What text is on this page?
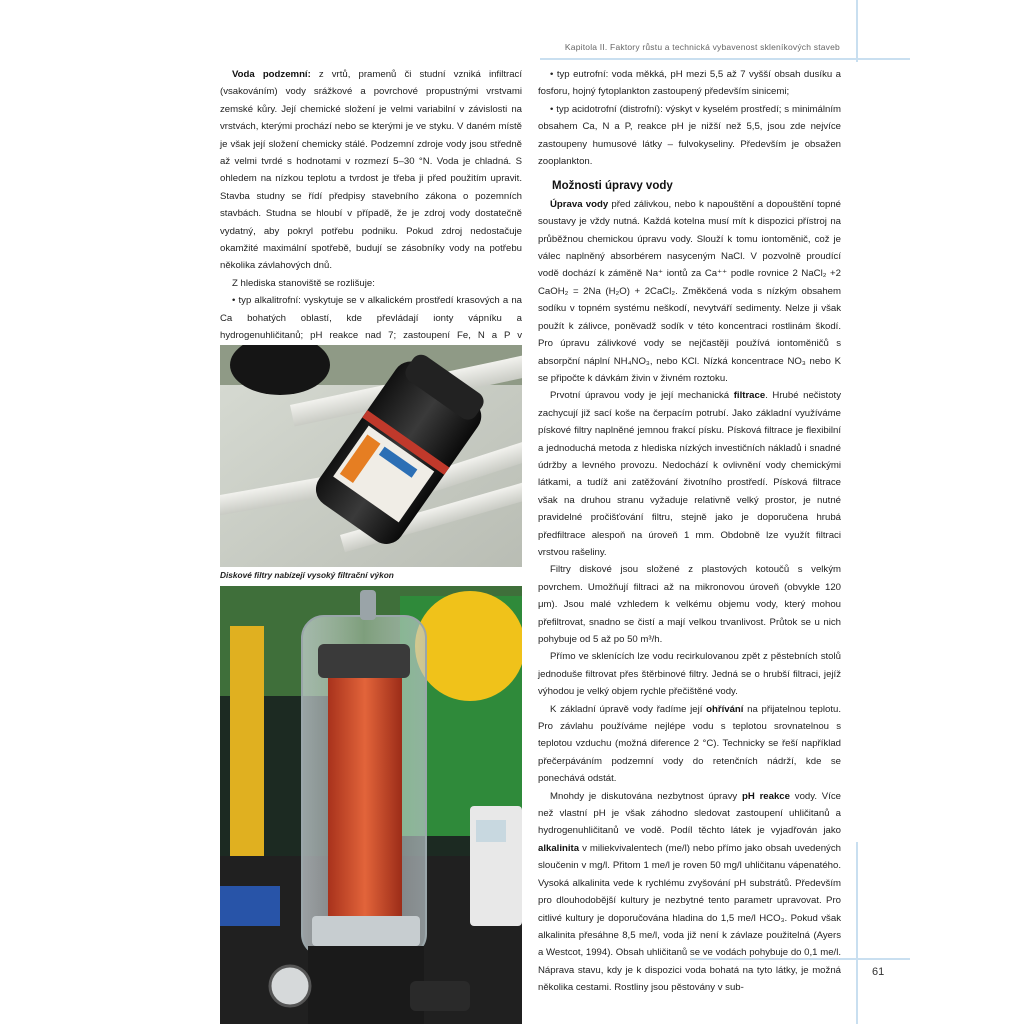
Kapitola II. Faktory růstu a technická vybavenost skleníkových staveb

Voda podzemní: z vrtů, pramenů či studní vzniká infiltrací (vsakováním) vody srážkové a povrchové propustnými vrstvami zemské kůry. Její chemické složení je velmi variabilní v závislosti na vrstvách, kterými prochází nebo se kterými je ve styku. V daném místě je však její složení chemicky stálé. Podzemní zdroje vody jsou středně až velmi tvrdé s hodnotami v rozmezí 5–30 °N. Voda je chladná. S ohledem na nízkou teplotu a tvrdost je třeba ji před použitím upravit. Stavba studny se řídí předpisy stavebního zákona o pozemních stavbách. Studna se hloubí v případě, že je zdroj vody dostatečně vydatný, aby pokryl potřebu podniku. Pokud zdroj nedostačuje okamžité maximální spotřebě, budují se zásobníky vody na potřebu několika závlahových dnů.

Z hlediska stanoviště se rozlišuje:

• typ alkalitrofní: vyskytuje se v alkalickém prostředí krasových a na Ca bohatých oblastí, kde převládají ionty vápníku a hydrogenuhličitanů; pH reakce nad 7; zastoupení Fe, N a P v

Diskové filtry nabízejí vysoký filtrační výkon

• typ eutrofní: voda měkká, pH mezi 5,5 až 7 vyšší obsah dusíku a fosforu, hojný fytoplankton zastoupený především sinicemi;

• typ acidotrofní (distrofní): výskyt v kyselém prostředí; s minimálním obsahem Ca, N a P, reakce pH je nižší než 5,5, jsou zde nejvíce zastoupeny humusové látky – fulvokyseliny. Především je obsažen zooplankton.

Možnosti úpravy vody

Úprava vody před zálivkou, nebo k napouštění a dopouštění topné soustavy je vždy nutná. Každá kotelna musí mít k dispozici přístroj na průběžnou chemickou úpravu vody. Slouží k tomu iontoměnič, což je válec naplněný absorbérem nasyceným NaCl. V pozvolně proudící vodě dochází k záměně Na⁺ iontů za Ca⁺⁺ podle rovnice 2 NaCl₂ +2 CaOH₂ = 2Na (H₂O) + 2CaCl₂. Změkčená voda s nízkým obsahem sodíku v topném systému neškodí, nevytváří sedimenty. Nelze ji však použít k zálivce, poněvadž sodík v této koncentraci rostlinám škodí. Pro úpravu zálivkové vody se nejčastěji používá iontoměničů s absorpční náplní NH₄NO₃, nebo KCl. Nízká koncentrace NO₃ nebo K se připočte k dávkám živin v živném roztoku.

Prvotní úpravou vody je její mechanická filtrace. Hrubé nečistoty zachycují již sací koše na čerpacím potrubí. Jako základní využíváme pískové filtry naplněné jemnou frakcí písku. Písková filtrace je flexibilní a jednoduchá metoda z hlediska nízkých investičních nákladů i snadné údržby a levného provozu. Nedochází k ovlivnění vody chemickými látkami, a tudíž ani zatěžování životního prostředí. Písková filtrace však na druhou stranu vyžaduje relativně velký prostor, je nutné pravidelné pročišťování filtru, stejně jako je doporučena hrubá předfiltrace alespoň na úroveň 1 mm. Obdobně lze využít filtraci vrstvou rašeliny.

Filtry diskové jsou složené z plastových kotoučů s velkým povrchem. Umožňují filtraci až na mikronovou úroveň (obvykle 120 μm). Jsou malé vzhledem k velkému objemu vody, který mohou přefiltrovat, snadno se čistí a mají velkou trvanlivost. Průtok se u nich pohybuje od 5 až po 50 m³/h.

Přímo ve sklenících lze vodu recirkulovanou zpět z pěstebních stolů jednoduše filtrovat přes štěrbinové filtry. Jedná se o hrubší filtraci, jejíž výhodou je velký objem rychle přečištěné vody.

K základní úpravě vody řadíme její ohřívání na přijatelnou teplotu. Pro závlahu používáme nejlépe vodu s teplotou srovnatelnou s teplotou vzduchu (možná diference 2 °C). Technicky se řeší například přečerpáváním podzemní vody do retenčních nádrží, kde se ponechává odstát.

Mnohdy je diskutována nezbytnost úpravy pH reakce vody. Více než vlastní pH je však záhodno sledovat zastoupení uhličitanů a hydrogenuhličitanů ve vodě. Podíl těchto látek je vyjadřován jako alkalinita v miliekvivalentech (me/l) nebo přímo jako obsah uvedených sloučenin v mg/l. Přitom 1 me/l je roven 50 mg/l uhličitanu vápenatého. Vysoká alkalinita vede k rychlému zvyšování pH substrátů. Především pro dlouhodobější kultury je nezbytné tento parametr upravovat. Pro citlivé kultury je doporučována hladina do 1,5 me/l HCO₃. Pokud však alkalinita přesáhne 8,5 me/l, voda již není k závlaze použitelná (Ayers a Westcot, 1994). Obsah uhličitanů se ve vodách pohybuje do 0,1 me/l. Náprava stavu, kdy je k dispozici voda bohatá na tyto látky, je možná několika cestami. Rostliny jsou pěstovány v sub-

61
